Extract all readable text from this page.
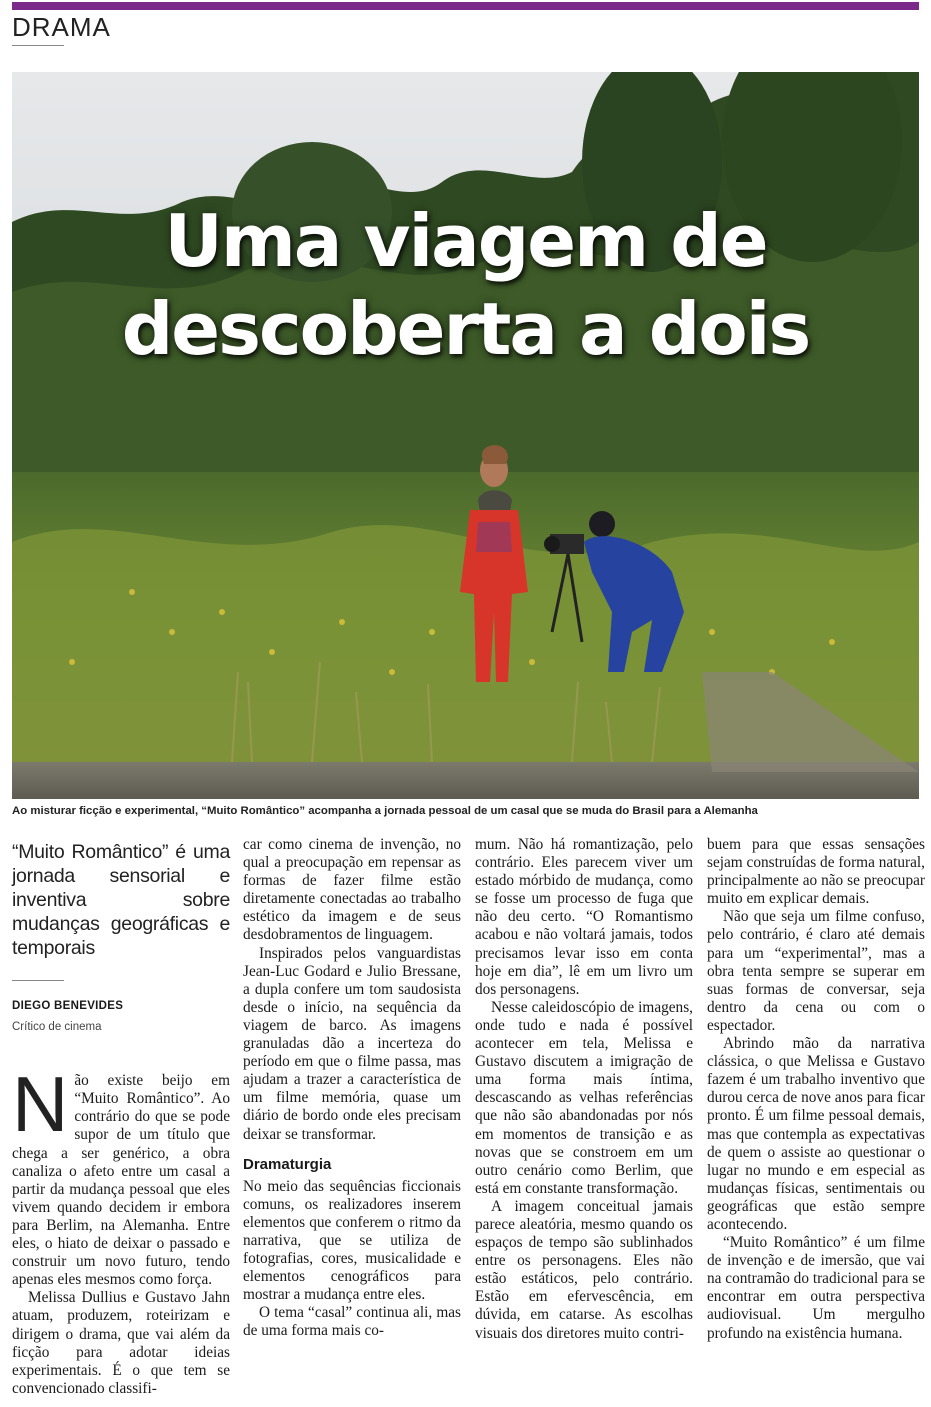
DRAMA
Uma viagem de
descoberta a dois
Ao misturar ficção e experimental, “Muito Romântico” acompanha a jornada pessoal de um casal que se muda do Brasil para a Alemanha
“Muito Romântico” é uma jornada sensorial e inventiva sobre mudanças geográficas e temporais
DIEGO BENEVIDES
Crítico de cinema
N ão existe beijo em “Muito Romântico”. Ao contrário do que se pode supor de um título que chega a ser genérico, a obra canaliza o afeto entre um casal a partir da mudança pessoal que eles vivem quando decidem ir embora para Berlim, na Alemanha. Entre eles, o hiato de deixar o passado e construir um novo futuro, tendo apenas eles mesmos como força.

Melissa Dullius e Gustavo Jahn atuam, produzem, roteirizam e dirigem o drama, que vai além da ficção para adotar ideias experimentais. É o que tem se convencionado classifi-

car como cinema de invenção, no qual a preocupação em repensar as formas de fazer filme estão diretamente conectadas ao trabalho estético da imagem e de seus desdobramentos de linguagem.

Inspirados pelos vanguardistas Jean-Luc Godard e Julio Bressane, a dupla confere um tom saudosista desde o início, na sequência da viagem de barco. As imagens granuladas dão a incerteza do período em que o filme passa, mas ajudam a trazer a característica de um filme memória, quase um diário de bordo onde eles precisam deixar se transformar.

Dramaturgia

No meio das sequências ficcionais comuns, os realizadores inserem elementos que conferem o ritmo da narrativa, que se utiliza de fotografias, cores, musicalidade e elementos cenográficos para mostrar a mudança entre eles.

O tema “casal” continua ali, mas de uma forma mais co-

mum. Não há romantização, pelo contrário. Eles parecem viver um estado mórbido de mudança, como se fosse um processo de fuga que não deu certo. “O Romantismo acabou e não voltará jamais, todos precisamos levar isso em conta hoje em dia”, lê em um livro um dos personagens.

Nesse caleidoscópio de imagens, onde tudo e nada é possível acontecer em tela, Melissa e Gustavo discutem a imigração de uma forma mais íntima, descascando as velhas referências que não são abandonadas por nós em momentos de transição e as novas que se constroem em um outro cenário como Berlim, que está em constante transformação.

A imagem conceitual jamais parece aleatória, mesmo quando os espaços de tempo são sublinhados entre os personagens. Eles não estão estáticos, pelo contrário. Estão em efervescência, em dúvida, em catarse. As escolhas visuais dos diretores muito contri-

buem para que essas sensações sejam construídas de forma natural, principalmente ao não se preocupar muito em explicar demais.

Não que seja um filme confuso, pelo contrário, é claro até demais para um “experimental”, mas a obra tenta sempre se superar em suas formas de conversar, seja dentro da cena ou com o espectador.

Abrindo mão da narrativa clássica, o que Melissa e Gustavo fazem é um trabalho inventivo que durou cerca de nove anos para ficar pronto. É um filme pessoal demais, mas que contempla as expectativas de quem o assiste ao questionar o lugar no mundo e em especial as mudanças físicas, sentimentais ou geográficas que estão sempre acontecendo.

“Muito Romântico” é um filme de invenção e de imersão, que vai na contramão do tradicional para se encontrar em outra perspectiva audiovisual. Um mergulho profundo na existência humana.
